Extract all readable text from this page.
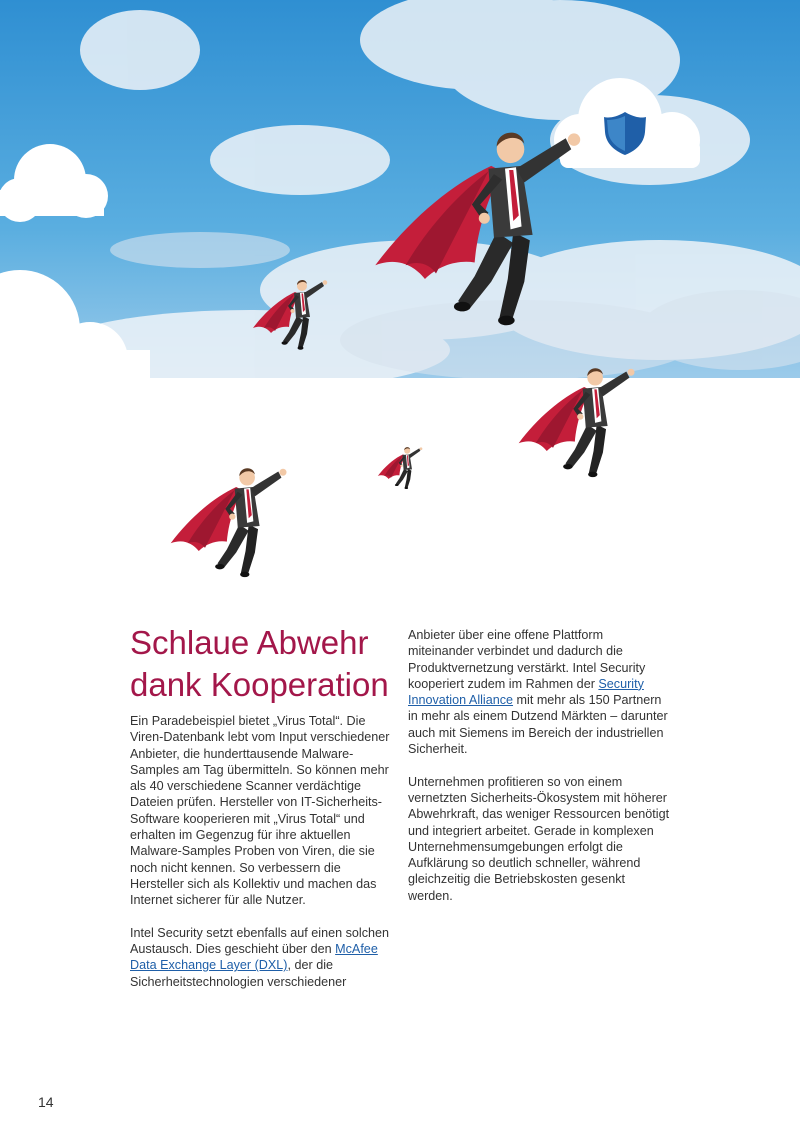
Schlaue Abwehr
dank Kooperation

Ein Paradebeispiel bietet „Virus Total“. Die Viren-Datenbank lebt vom Input verschiedener Anbieter, die hunderttausende Malware-Samples am Tag übermitteln. So können mehr als 40 verschiedene Scanner verdächtige Dateien prüfen. Hersteller von IT-Sicherheits-Software kooperieren mit „Virus Total“ und erhalten im Gegenzug für ihre aktuellen Malware-Samples Proben von Viren, die sie noch nicht kennen. So verbessern die Hersteller sich als Kollektiv und machen das Internet sicherer für alle Nutzer.

Intel Security setzt ebenfalls auf einen solchen Austausch. Dies geschieht über den McAfee Data Exchange Layer (DXL), der die Sicherheitstechnologien verschiedener

Anbieter über eine offene Plattform miteinander verbindet und dadurch die Produktvernetzung verstärkt. Intel Security kooperiert zudem im Rahmen der Security Innovation Alliance mit mehr als 150 Partnern in mehr als einem Dutzend Märkten – darunter auch mit Siemens im Bereich der industriellen Sicherheit.

Unternehmen profitieren so von einem vernetzten Sicherheits-Ökosystem mit höherer Abwehrkraft, das weniger Ressourcen benötigt und integriert arbeitet. Gerade in komplexen Unternehmensumgebungen erfolgt die Aufklärung so deutlich schneller, während gleichzeitig die Betriebskosten gesenkt werden.

14
